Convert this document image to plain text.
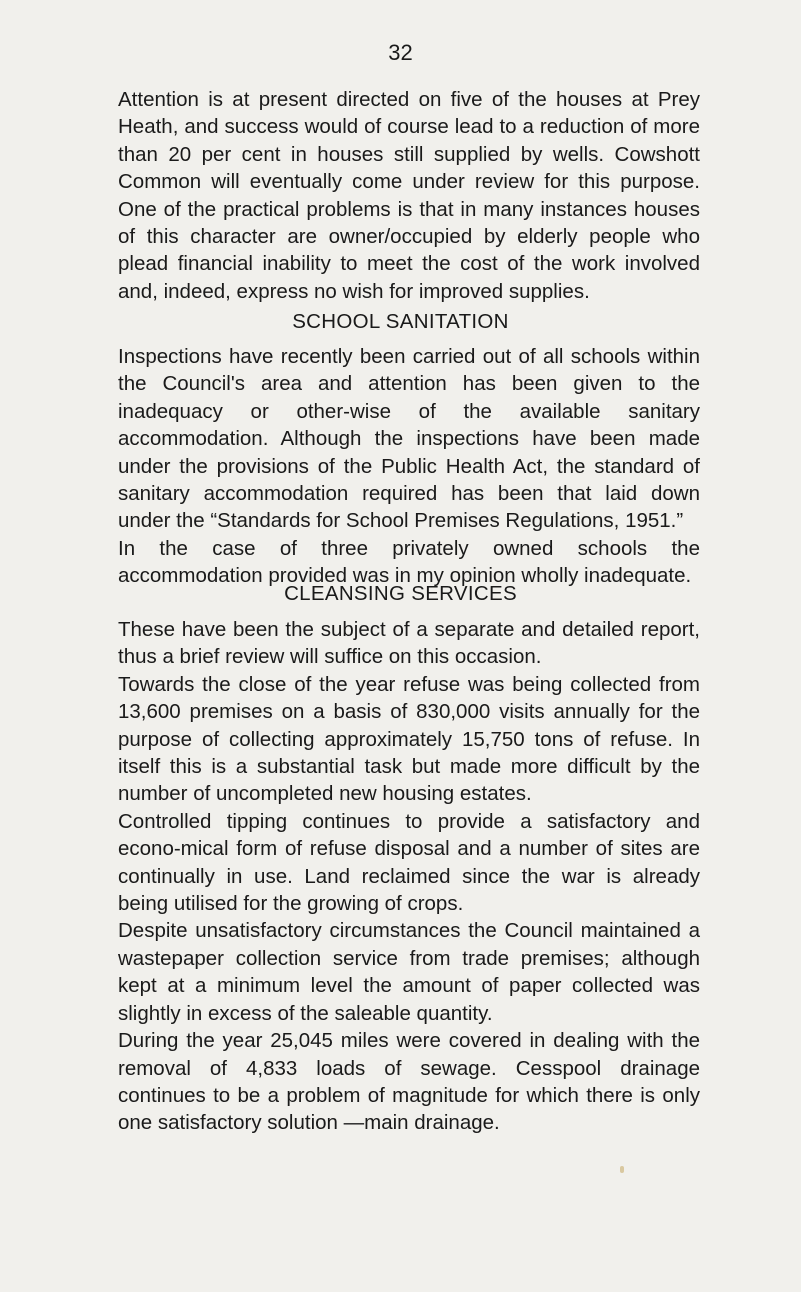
32

Attention is at present directed on five of the houses at Prey Heath, and success would of course lead to a reduction of more than 20 per cent in houses still supplied by wells. Cowshott Common will eventually come under review for this purpose. One of the practical problems is that in many instances houses of this character are owner/occupied by elderly people who plead financial inability to meet the cost of the work involved and, indeed, express no wish for improved supplies.

SCHOOL SANITATION

Inspections have recently been carried out of all schools within the Council's area and attention has been given to the inadequacy or other-wise of the available sanitary accommodation. Although the inspections have been made under the provisions of the Public Health Act, the standard of sanitary accommodation required has been that laid down under the “Standards for School Premises Regulations, 1951.”

In the case of three privately owned schools the accommodation provided was in my opinion wholly inadequate.

CLEANSING SERVICES

These have been the subject of a separate and detailed report, thus a brief review will suffice on this occasion.

Towards the close of the year refuse was being collected from 13,600 premises on a basis of 830,000 visits annually for the purpose of collecting approximately 15,750 tons of refuse. In itself this is a substantial task but made more difficult by the number of uncompleted new housing estates.

Controlled tipping continues to provide a satisfactory and econo-mical form of refuse disposal and a number of sites are continually in use. Land reclaimed since the war is already being utilised for the growing of crops.

Despite unsatisfactory circumstances the Council maintained a wastepaper collection service from trade premises; although kept at a minimum level the amount of paper collected was slightly in excess of the saleable quantity.

During the year 25,045 miles were covered in dealing with the removal of 4,833 loads of sewage. Cesspool drainage continues to be a problem of magnitude for which there is only one satisfactory solution —main drainage.
